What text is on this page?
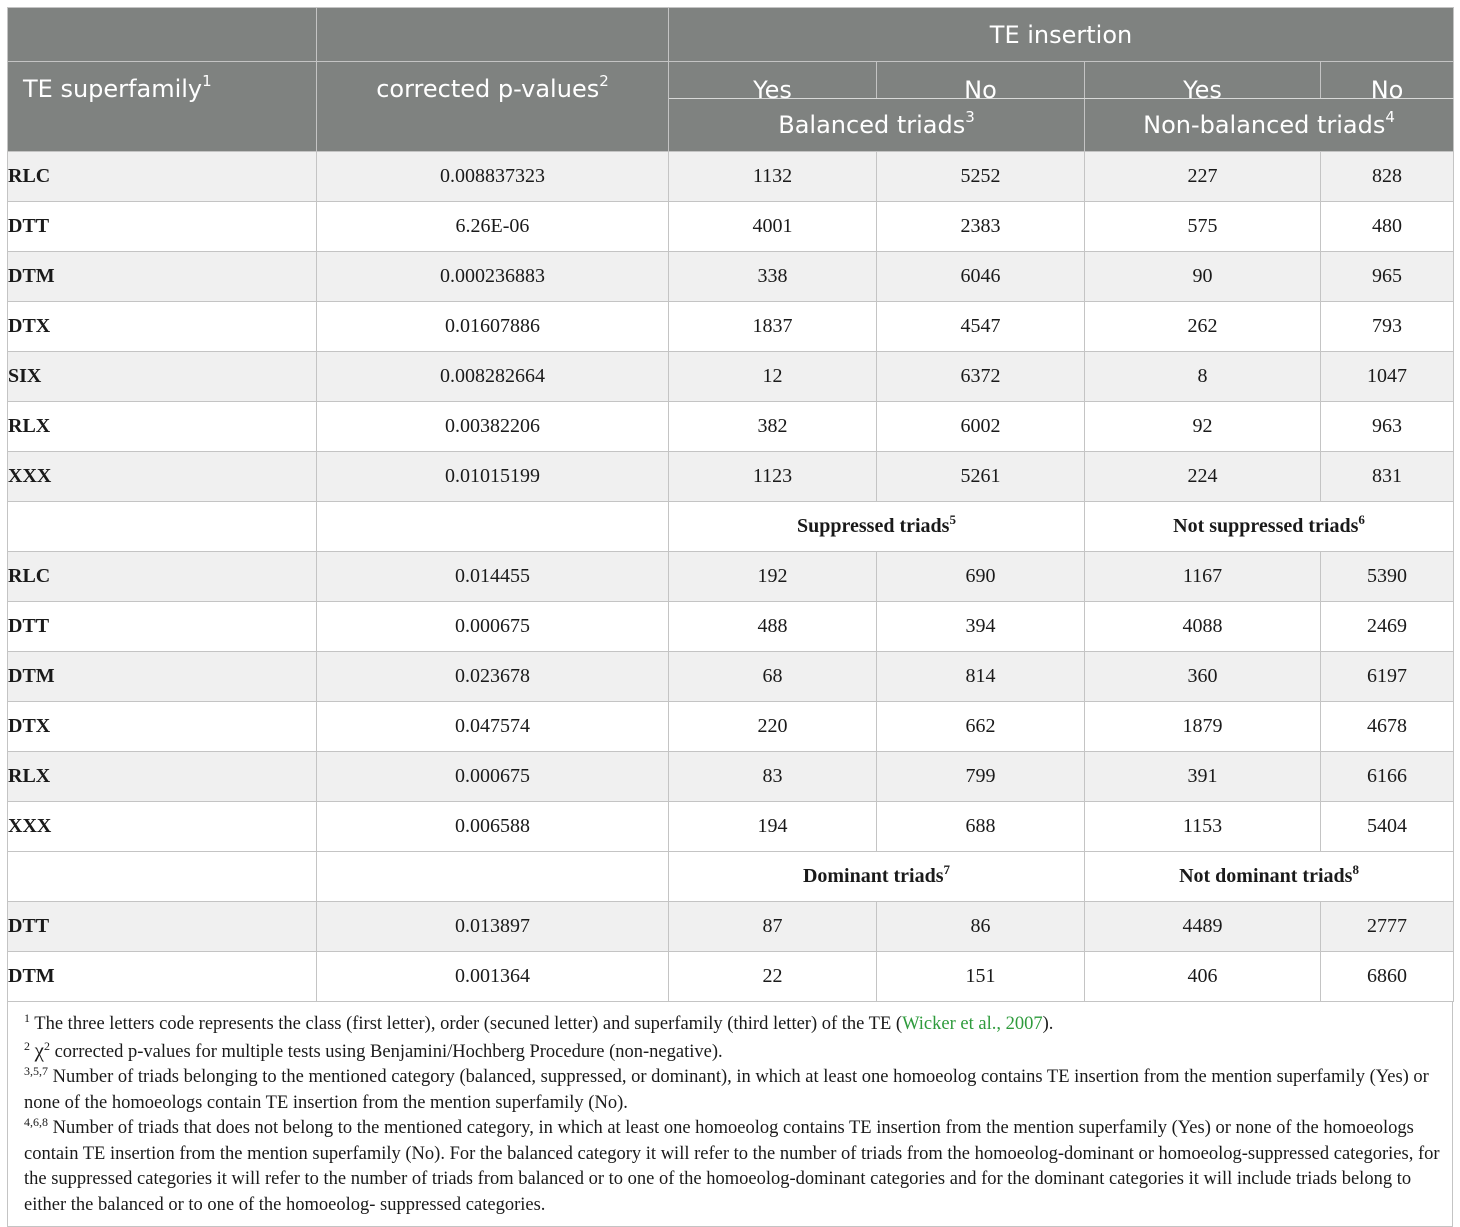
		TE insertion			
TE superfamily$^1$	corrected p-values$^2$	Yes	No	Yes	No
		Balanced triads$^3$		Non-balanced triads$^4$
RLC	0.008837323	1132	5252	227	828
DTT	6.26E-06	4001	2383	575	480
DTM	0.000236883	338	6046	90	965
DTX	0.01607886	1837	4547	262	793
SIX	0.008282664	12	6372	8	1047
RLX	0.00382206	382	6002	92	963
XXX	0.01015199	1123	5261	224	831
		Suppressed triads$^5$		Not suppressed triads$^6$
RLC	0.014455	192	690	1167	5390
DTT	0.000675	488	394	4088	2469
DTM	0.023678	68	814	360	6197
DTX	0.047574	220	662	1879	4678
RLX	0.000675	83	799	391	6166
XXX	0.006588	194	688	1153	5404
		Dominant triads$^7$		Not dominant triads$^8$
DTT	0.013897	87	86	4489	2777
DTM	0.001364	22	151	406	6860

$^1$ The three letters code represents the class (first letter), order (secuned letter) and superfamily (third letter) of the TE (Wicker et al., 2007).

$^2$ $\chi^2$ corrected p-values for multiple tests using Benjamini/Hochberg Procedure (non-negative).

$^{3,5,7}$ Number of triads belonging to the mentioned category (balanced, suppressed, or dominant), in which at least one homoeolog contains TE insertion from the mention superfamily (Yes) or none of the homoeologs contain TE insertion from the mention superfamily (No).

$^{4,6,8}$ Number of triads that does not belong to the mentioned category, in which at least one homoeolog contains TE insertion from the mention superfamily (Yes) or none of the homoeologs contain TE insertion from the mention superfamily (No). For the balanced category it will refer to the number of triads from the homoeolog-dominant or homoeolog-suppressed categories, for the suppressed categories it will refer to the number of triads from balanced or to one of the homoeolog-dominant categories and for the dominant categories it will include triads belong to either the balanced or to one of the homoeolog- suppressed categories.
